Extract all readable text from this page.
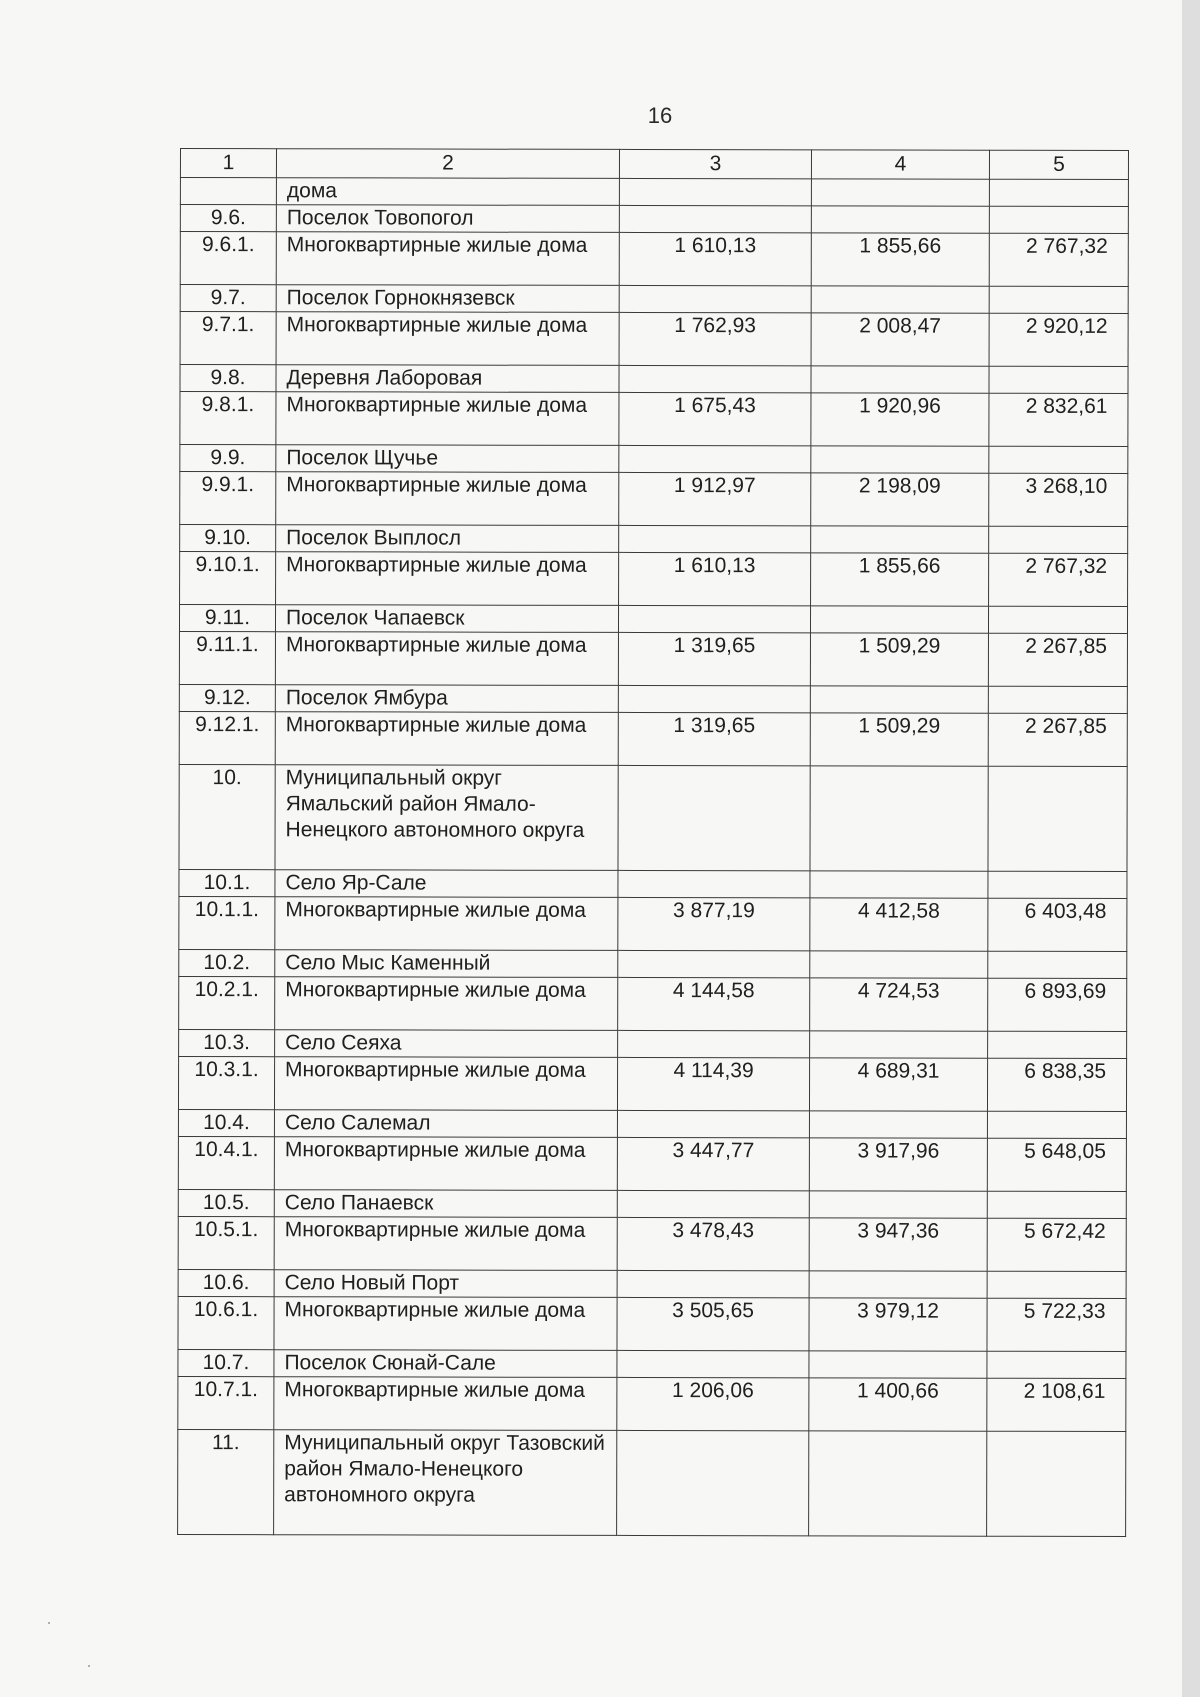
16
1	2	3	4	5
	дома			
9.6.	Поселок Товопогол			
9.6.1.	Многоквартирные жилые дома	1 610,13	1 855,66	2 767,32
9.7.	Поселок Горнокнязевск			
9.7.1.	Многоквартирные жилые дома	1 762,93	2 008,47	2 920,12
9.8.	Деревня Лаборовая			
9.8.1.	Многоквартирные жилые дома	1 675,43	1 920,96	2 832,61
9.9.	Поселок Щучье			
9.9.1.	Многоквартирные жилые дома	1 912,97	2 198,09	3 268,10
9.10.	Поселок Выплосл			
9.10.1.	Многоквартирные жилые дома	1 610,13	1 855,66	2 767,32
9.11.	Поселок Чапаевск			
9.11.1.	Многоквартирные жилые дома	1 319,65	1 509,29	2 267,85
9.12.	Поселок Ямбура			
9.12.1.	Многоквартирные жилые дома	1 319,65	1 509,29	2 267,85
10.	Муниципальный округ Ямальский район Ямало-Ненецкого автономного округа			
10.1.	Село Яр-Сале			
10.1.1.	Многоквартирные жилые дома	3 877,19	4 412,58	6 403,48
10.2.	Село Мыс Каменный			
10.2.1.	Многоквартирные жилые дома	4 144,58	4 724,53	6 893,69
10.3.	Село Сеяха			
10.3.1.	Многоквартирные жилые дома	4 114,39	4 689,31	6 838,35
10.4.	Село Салемал			
10.4.1.	Многоквартирные жилые дома	3 447,77	3 917,96	5 648,05
10.5.	Село Панаевск			
10.5.1.	Многоквартирные жилые дома	3 478,43	3 947,36	5 672,42
10.6.	Село Новый Порт			
10.6.1.	Многоквартирные жилые дома	3 505,65	3 979,12	5 722,33
10.7.	Поселок Сюнай-Сале			
10.7.1.	Многоквартирные жилые дома	1 206,06	1 400,66	2 108,61
11.	Муниципальный округ Тазовский район Ямало-Ненецкого автономного округа			
